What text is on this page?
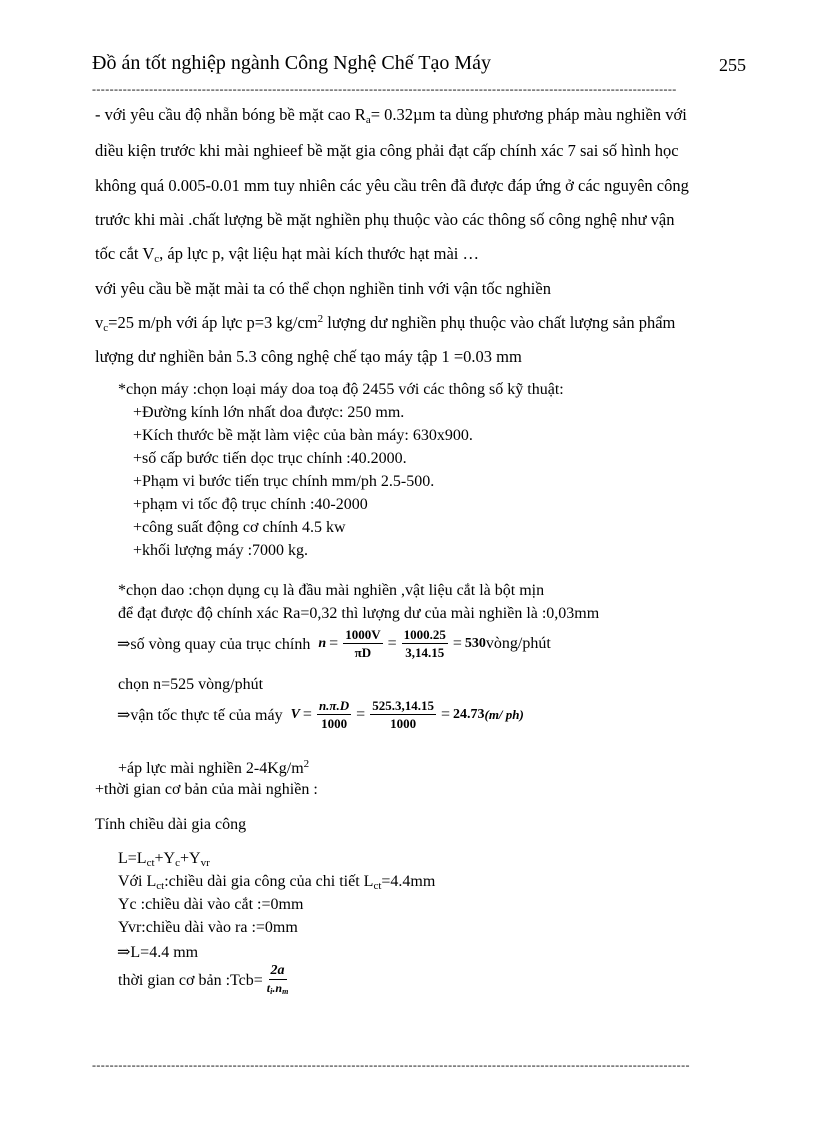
Đồ án tốt nghiệp ngành Công Nghệ Chế Tạo Máy	255
-------------------------------------------------------------------------------------------------------------------------------------
- với yêu cầu độ nhẵn bóng bề mặt cao $R_a= 0.32\mu m$ ta dùng phương pháp màu nghiền với
diều kiện trước khi mài nghieef bề mặt gia công phải đạt cấp chính xác 7 sai số hình học
không quá 0.005-0.01 mm tuy nhiên các yêu cầu trên đã được đáp ứng ở các nguyên công
trước khi mài .chất lượng bề mặt nghiền phụ thuộc vào các thông số công nghệ như vận
tốc cắt $V_c$, áp lực p, vật liệu hạt mài kích thước hạt mài …
với yêu cầu bề mặt mài ta có thể chọn nghiền tinh với vận tốc nghiền
$v_c=25$ m/ph với áp lực p=3 $kg/cm^2$ lượng dư nghiền phụ thuộc vào chất lượng sản phẩm
lượng dư nghiền bản 5.3 công nghệ chế tạo máy tập 1 =0.03 mm
*chọn máy :chọn loại máy doa toạ độ 2455 với các thông số kỹ thuật:
+Đường kính lớn nhất doa được: 250 mm.
+Kích thước bề mặt làm việc của bàn máy: 630x900.
+số cấp bước tiến dọc trục chính :40.2000.
+Phạm vi bước tiến trục chính mm/ph 2.5-500.
+phạm vi tốc độ trục chính :40-2000
+công suất động cơ chính 4.5 kw
+khối lượng máy :7000 kg.
*chọn dao :chọn dụng cụ là đầu mài nghiền ,vật liệu cắt là bột mịn
để đạt được độ chính xác Ra=0,32 thì lượng dư của mài nghiền là :0,03mm
⇒số vòng quay của trục chính $n = \frac{1000V}{\pi D} = \frac{1000.25}{3,14.15} = 530$ vòng/phút
chọn n=525 vòng/phút
⇒vận tốc thực tế của máy $V = \frac{n.\pi.D}{1000} = \frac{525.3,14.15}{1000} = 24.73$ (m/ ph)
+áp lực mài nghiền $2-4Kg/m^2$
+thời gian cơ bản của mài nghiền :
Tính chiều dài gia công
$L=L_{ct}+Y_c+Y_{vr}$
Với $L_{ct}:chiều$ dài gia công của chi tiết $L_{ct}=4.4mm$
Yc :chiều dài vào cắt :=0mm
Yvr:chiều dài vào ra :=0mm
⇒L=4.4 mm
thời gian cơ bản :Tcb= $\frac{2a}{t_i.n_m}$
----------------------------------------------------------------------------------------------------------------------------------------
